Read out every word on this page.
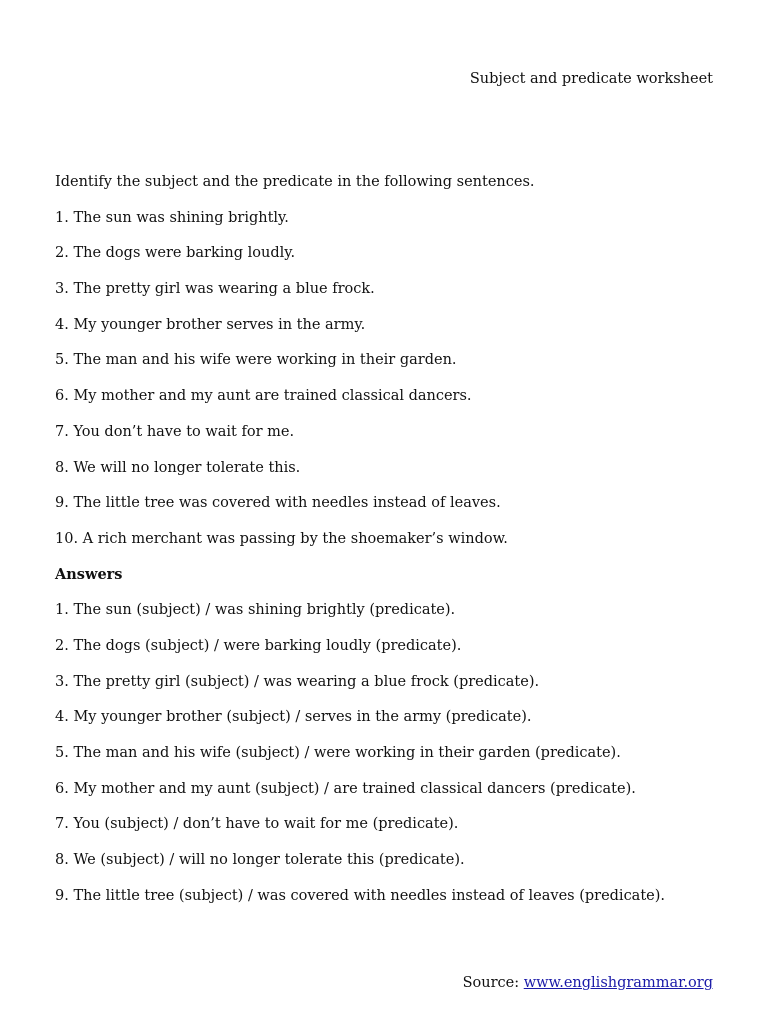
Subject and predicate worksheet
Identify the subject and the predicate in the following sentences.
1. The sun was shining brightly.
2. The dogs were barking loudly.
3. The pretty girl was wearing a blue frock.
4. My younger brother serves in the army.
5. The man and his wife were working in their garden.
6. My mother and my aunt are trained classical dancers.
7. You don’t have to wait for me.
8. We will no longer tolerate this.
9. The little tree was covered with needles instead of leaves.
10. A rich merchant was passing by the shoemaker’s window.
Answers
1. The sun (subject) / was shining brightly (predicate).
2. The dogs (subject) / were barking loudly (predicate).
3. The pretty girl (subject) / was wearing a blue frock (predicate).
4. My younger brother (subject) / serves in the army (predicate).
5. The man and his wife (subject) / were working in their garden (predicate).
6. My mother and my aunt (subject) / are trained classical dancers (predicate).
7. You (subject) / don’t have to wait for me (predicate).
8. We (subject) / will no longer tolerate this (predicate).
9. The little tree (subject) / was covered with needles instead of leaves (predicate).
Source: www.englishgrammar.org
